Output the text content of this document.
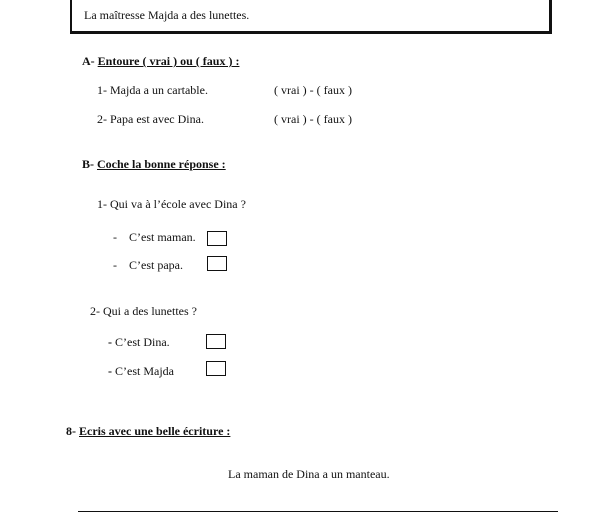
La maîtresse Majda a des lunettes.
A- Entoure ( vrai ) ou ( faux ) :
1- Majda a un cartable.	( vrai ) - ( faux )
2- Papa est avec Dina.	( vrai ) - ( faux )
B- Coche la bonne réponse :
1- Qui va à l’école avec Dina ?
- C’est maman.
- C’est papa.
2- Qui a des lunettes ?
- C’est Dina.
- C’est Majda
8- Ecris avec une belle écriture :
La maman de Dina a un manteau.
